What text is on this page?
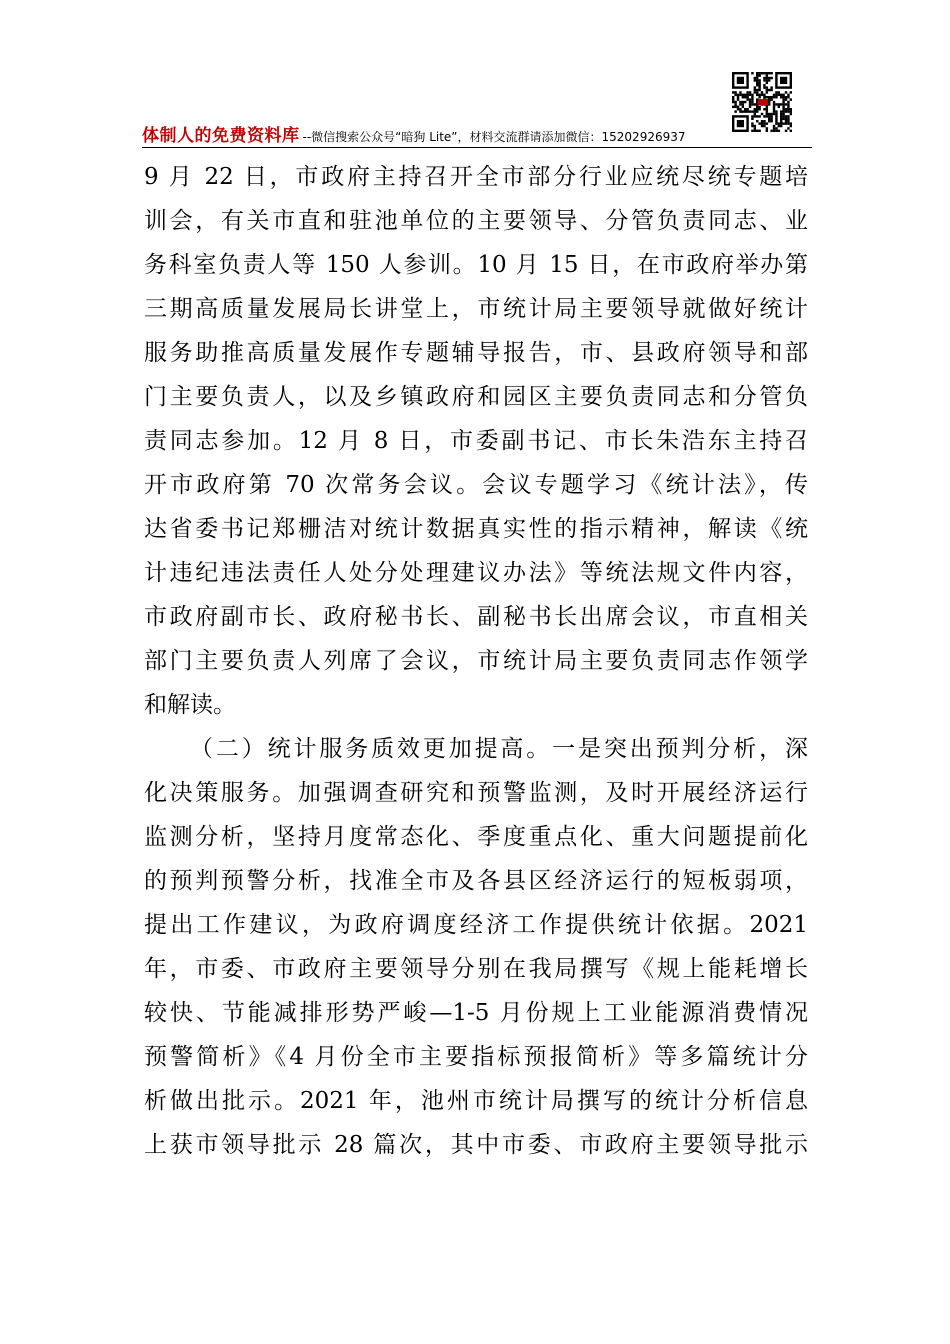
体制人的免费资料库 --微信搜索公众号“暗狗 Lite”，材料交流群请添加微信：15202926937
9 月 22 日，市政府主持召开全市部分行业应统尽统专题培
训会，有关市直和驻池单位的主要领导、分管负责同志、业
务科室负责人等 150 人参训。10 月 15 日，在市政府举办第
三期高质量发展局长讲堂上，市统计局主要领导就做好统计
服务助推高质量发展作专题辅导报告，市、县政府领导和部
门主要负责人，以及乡镇政府和园区主要负责同志和分管负
责同志参加。12 月 8 日，市委副书记、市长朱浩东主持召
开市政府第 70 次常务会议。会议专题学习《统计法》，传
达省委书记郑栅洁对统计数据真实性的指示精神，解读《统
计违纪违法责任人处分处理建议办法》等统法规文件内容，
市政府副市长、政府秘书长、副秘书长出席会议，市直相关
部门主要负责人列席了会议，市统计局主要负责同志作领学
和解读。
（二）统计服务质效更加提高。一是突出预判分析，深
化决策服务。加强调查研究和预警监测，及时开展经济运行
监测分析，坚持月度常态化、季度重点化、重大问题提前化
的预判预警分析，找准全市及各县区经济运行的短板弱项，
提出工作建议，为政府调度经济工作提供统计依据。2021
年，市委、市政府主要领导分别在我局撰写《规上能耗增长
较快、节能减排形势严峻—1-5 月份规上工业能源消费情况
预警简析》《4 月份全市主要指标预报简析》等多篇统计分
析做出批示。2021 年，池州市统计局撰写的统计分析信息
上获市领导批示 28 篇次，其中市委、市政府主要领导批示
